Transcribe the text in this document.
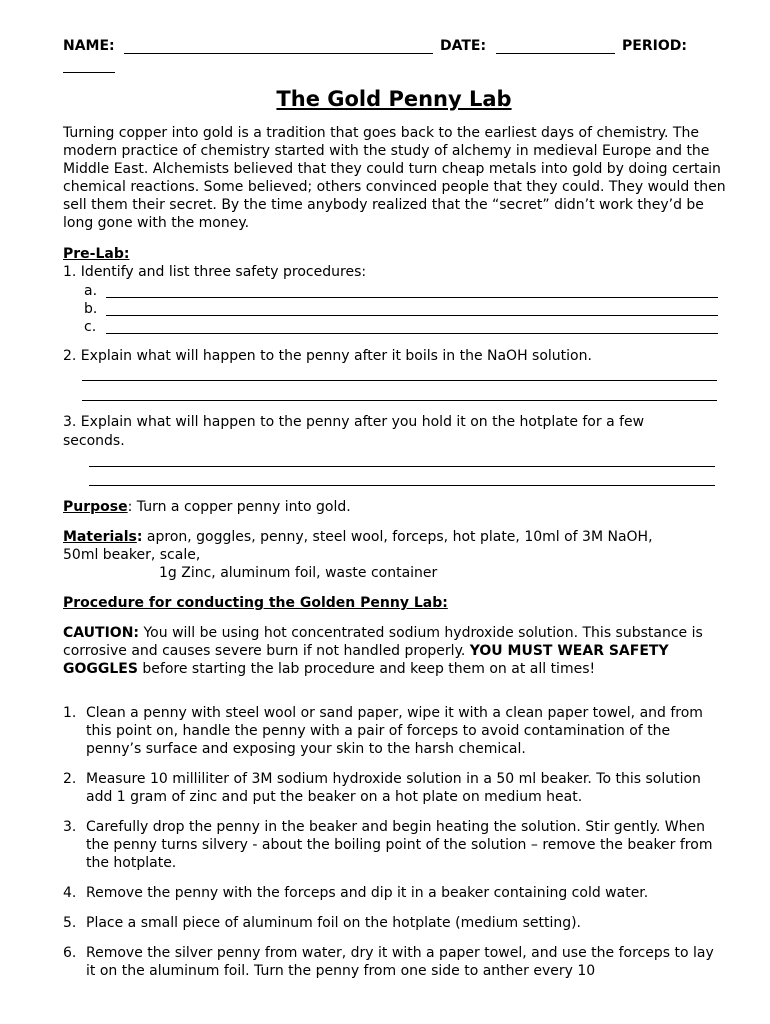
NAME:	DATE:	PERIOD:
The Gold Penny Lab
Turning copper into gold is a tradition that goes back to the earliest days of chemistry. The modern practice of chemistry started with the study of alchemy in medieval Europe and the Middle East. Alchemists believed that they could turn cheap metals into gold by doing certain chemical reactions. Some believed; others convinced people that they could. They would then sell them their secret. By the time anybody realized that the “secret” didn’t work they’d be long gone with the money.
Pre-Lab:
1. Identify and list three safety procedures:
a.
b.
c.
2. Explain what will happen to the penny after it boils in the NaOH solution.
3. Explain what will happen to the penny after you hold it on the hotplate for a few
seconds.
Purpose: Turn a copper penny into gold.
Materials: apron, goggles, penny, steel wool, forceps, hot plate, 10ml of 3M NaOH,
50ml beaker, scale,
1g Zinc, aluminum foil, waste container
Procedure for conducting the Golden Penny Lab:
CAUTION: You will be using hot concentrated sodium hydroxide solution. This substance is corrosive and causes severe burn if not handled properly. YOU MUST WEAR SAFETY GOGGLES before starting the lab procedure and keep them on at all times!
1. Clean a penny with steel wool or sand paper, wipe it with a clean paper towel, and from this point on, handle the penny with a pair of forceps to avoid contamination of the penny’s surface and exposing your skin to the harsh chemical.
2. Measure 10 milliliter of 3M sodium hydroxide solution in a 50 ml beaker. To this solution add 1 gram of zinc and put the beaker on a hot plate on medium heat.
3. Carefully drop the penny in the beaker and begin heating the solution. Stir gently. When the penny turns silvery - about the boiling point of the solution – remove the beaker from the hotplate.
4. Remove the penny with the forceps and dip it in a beaker containing cold water.
5. Place a small piece of aluminum foil on the hotplate (medium setting).
6. Remove the silver penny from water, dry it with a paper towel, and use the forceps to lay it on the aluminum foil. Turn the penny from one side to anther every 10
